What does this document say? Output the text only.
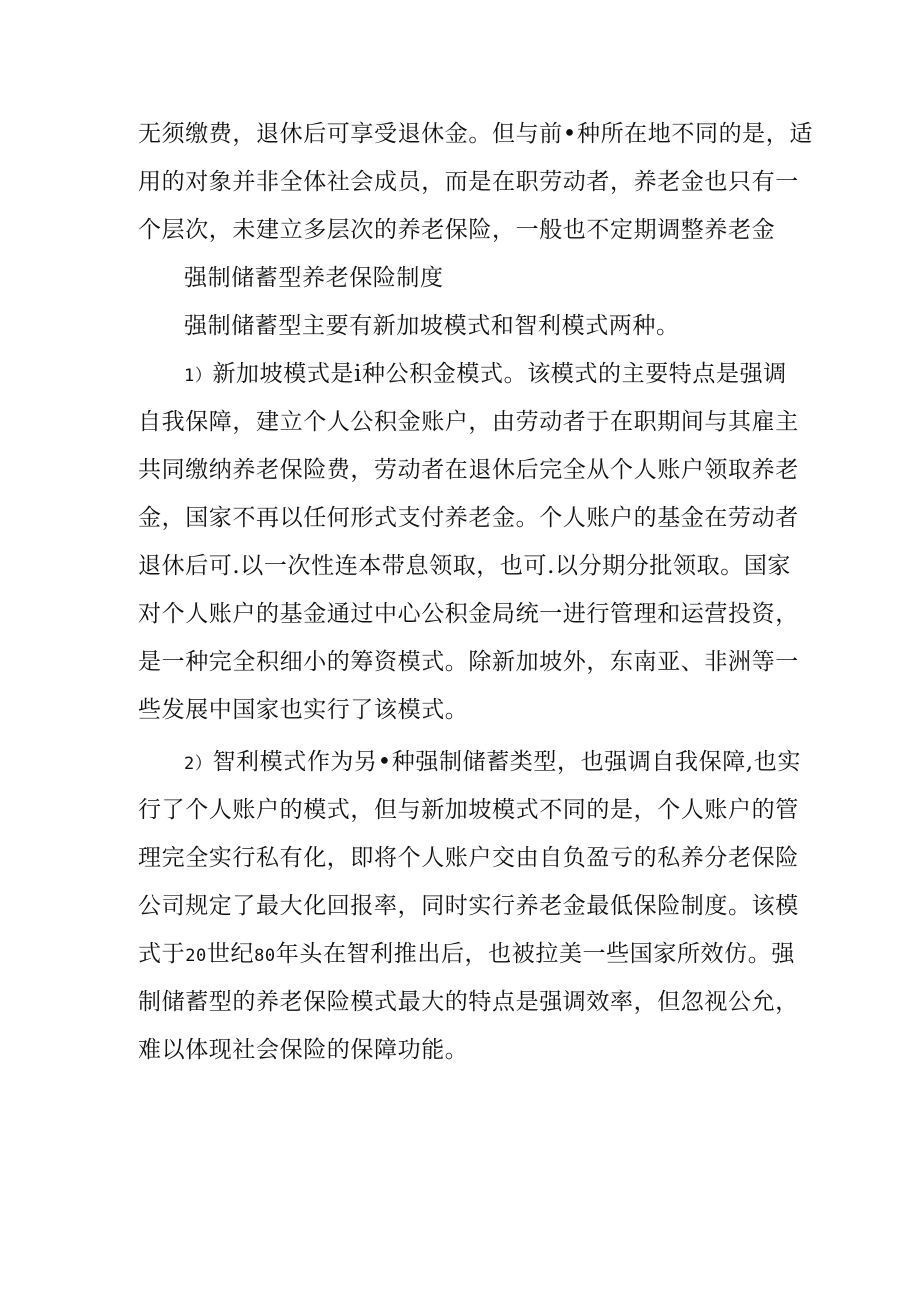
无须缴费，退休后可享受退休金。但与前•种所在地不同的是，适
用的对象并非全体社会成员，而是在职劳动者，养老金也只有一
个层次，未建立多层次的养老保险，一般也不定期调整养老金
强制储蓄型养老保险制度
强制储蓄型主要有新加坡模式和智利模式两种。
1）新加坡模式是i种公积金模式。该模式的主要特点是强调
自我保障，建立个人公积金账户，由劳动者于在职期间与其雇主
共同缴纳养老保险费，劳动者在退休后完全从个人账户领取养老
金，国家不再以任何形式支付养老金。个人账户的基金在劳动者
退休后可.以一次性连本带息领取，也可.以分期分批领取。国家
对个人账户的基金通过中心公积金局统一进行管理和运营投资，
是一种完全积细小的筹资模式。除新加坡外，东南亚、非洲等一
些发展中国家也实行了该模式。
2）智利模式作为另•种强制储蓄类型，也强调自我保障,也实
行了个人账户的模式，但与新加坡模式不同的是，个人账户的管
理完全实行私有化，即将个人账户交由自负盈亏的私养分老保险
公司规定了最大化回报率，同时实行养老金最低保险制度。该模
式于20世纪80年头在智利推出后，也被拉美一些国家所效仿。强
制储蓄型的养老保险模式最大的特点是强调效率，但忽视公允，
难以体现社会保险的保障功能。
